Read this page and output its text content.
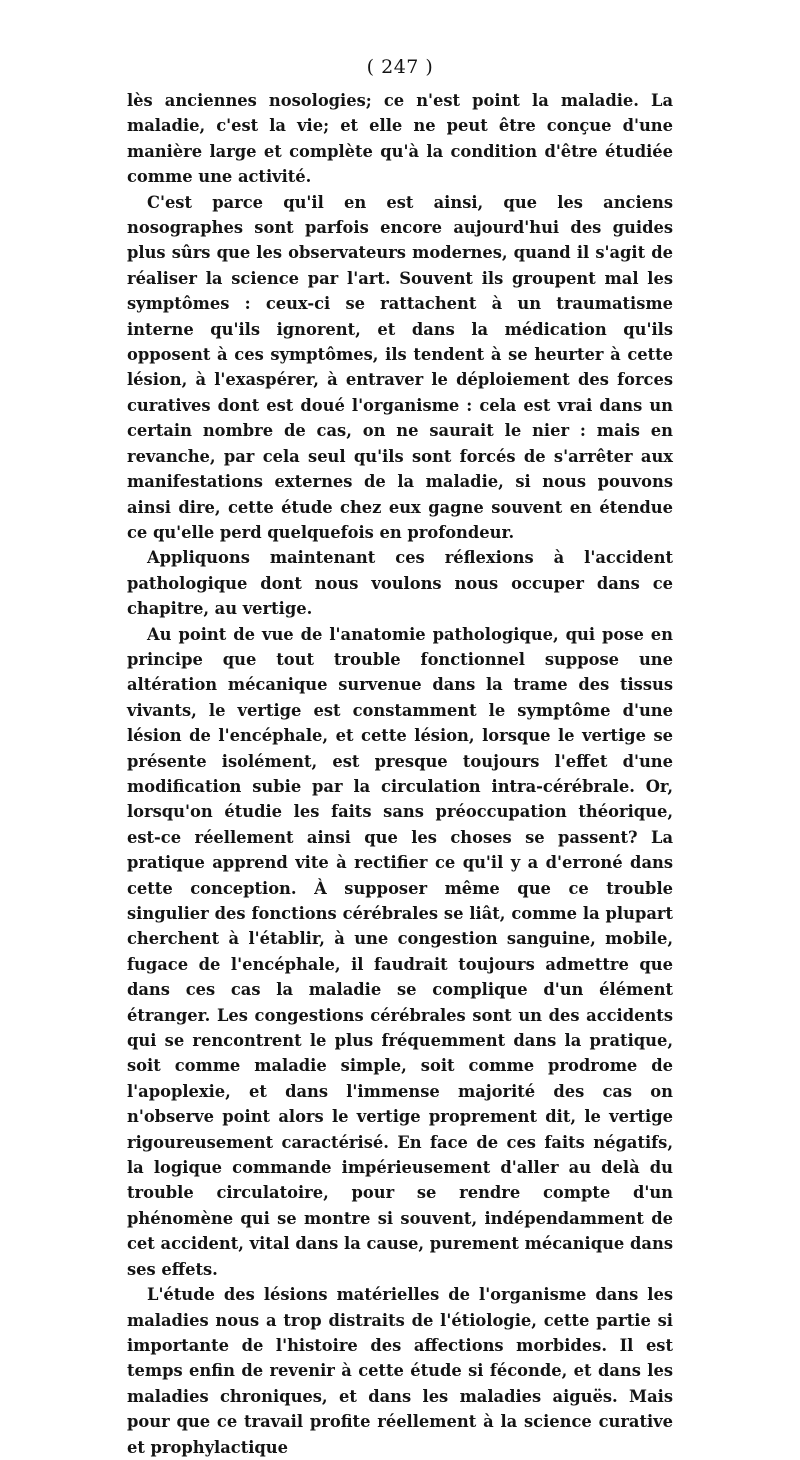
( 247 )

lès anciennes nosologies; ce n'est point la maladie. La maladie, c'est la vie; et elle ne peut être conçue d'une manière large et complète qu'à la condition d'être étudiée comme une activité.

C'est parce qu'il en est ainsi, que les anciens nosographes sont parfois encore aujourd'hui des guides plus sûrs que les observateurs modernes, quand il s'agit de réaliser la science par l'art. Souvent ils groupent mal les symptômes : ceux-ci se rattachent à un traumatisme interne qu'ils ignorent, et dans la médication qu'ils opposent à ces symptômes, ils tendent à se heurter à cette lésion, à l'exaspérer, à entraver le déploiement des forces curatives dont est doué l'organisme : cela est vrai dans un certain nombre de cas, on ne saurait le nier : mais en revanche, par cela seul qu'ils sont forcés de s'arrêter aux manifestations externes de la maladie, si nous pouvons ainsi dire, cette étude chez eux gagne souvent en étendue ce qu'elle perd quelquefois en profondeur.

Appliquons maintenant ces réflexions à l'accident pathologique dont nous voulons nous occuper dans ce chapitre, au vertige.

Au point de vue de l'anatomie pathologique, qui pose en principe que tout trouble fonctionnel suppose une altération mécanique survenue dans la trame des tissus vivants, le vertige est constamment le symptôme d'une lésion de l'encéphale, et cette lésion, lorsque le vertige se présente isolément, est presque toujours l'effet d'une modification subie par la circulation intra-cérébrale. Or, lorsqu'on étudie les faits sans préoccupation théorique, est-ce réellement ainsi que les choses se passent? La pratique apprend vite à rectifier ce qu'il y a d'erroné dans cette conception. À supposer même que ce trouble singulier des fonctions cérébrales se liât, comme la plupart cherchent à l'établir, à une congestion sanguine, mobile, fugace de l'encéphale, il faudrait toujours admettre que dans ces cas la maladie se complique d'un élément étranger. Les congestions cérébrales sont un des accidents qui se rencontrent le plus fréquemment dans la pratique, soit comme maladie simple, soit comme prodrome de l'apoplexie, et dans l'immense majorité des cas on n'observe point alors le vertige proprement dit, le vertige rigoureusement caractérisé. En face de ces faits négatifs, la logique commande impérieusement d'aller au delà du trouble circulatoire, pour se rendre compte d'un phénomène qui se montre si souvent, indépendamment de cet accident, vital dans la cause, purement mécanique dans ses effets.

L'étude des lésions matérielles de l'organisme dans les maladies nous a trop distraits de l'étiologie, cette partie si importante de l'histoire des affections morbides. Il est temps enfin de revenir à cette étude si féconde, et dans les maladies chroniques, et dans les maladies aiguës. Mais pour que ce travail profite réellement à la science curative et prophylactique
